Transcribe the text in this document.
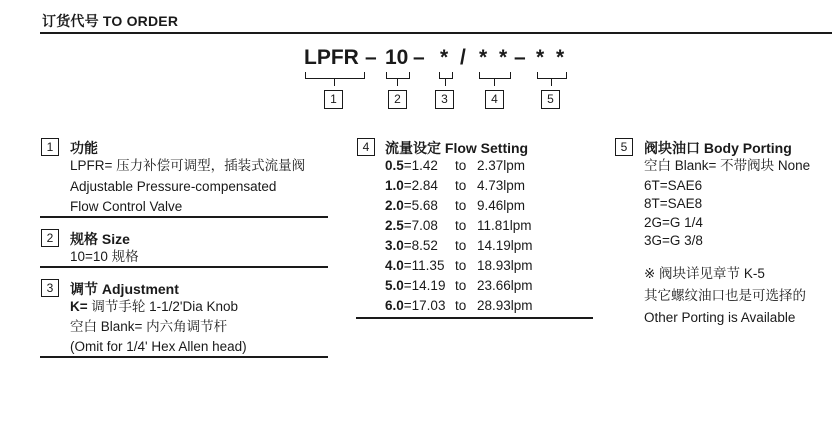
订货代号 TO ORDER
LPFR – 10 – * / * * – * *
1	2	3	4	5
1	功能
LPFR= 压力补偿可调型，插装式流量阀
Adjustable Pressure-compensated
Flow Control Valve
2	规格 Size
10=10 规格
3	调节 Adjustment
K= 调节手轮 1-1/2'Dia Knob
空白 Blank= 内六角调节杆
(Omit for 1/4' Hex Allen head)
4	流量设定 Flow Setting
0.5=1.42 to 2.37lpm
1.0=2.84 to 4.73lpm
2.0=5.68 to 9.46lpm
2.5=7.08 to 11.81lpm
3.0=8.52 to 14.19lpm
4.0=11.35 to 18.93lpm
5.0=14.19 to 23.66lpm
6.0=17.03 to 28.93lpm
5	阀块油口 Body Porting
空白 Blank= 不带阀块 None
6T=SAE6
8T=SAE8
2G=G 1/4
3G=G 3/8
※ 阀块详见章节 K-5
其它螺纹油口也是可选择的
Other Porting is Available
